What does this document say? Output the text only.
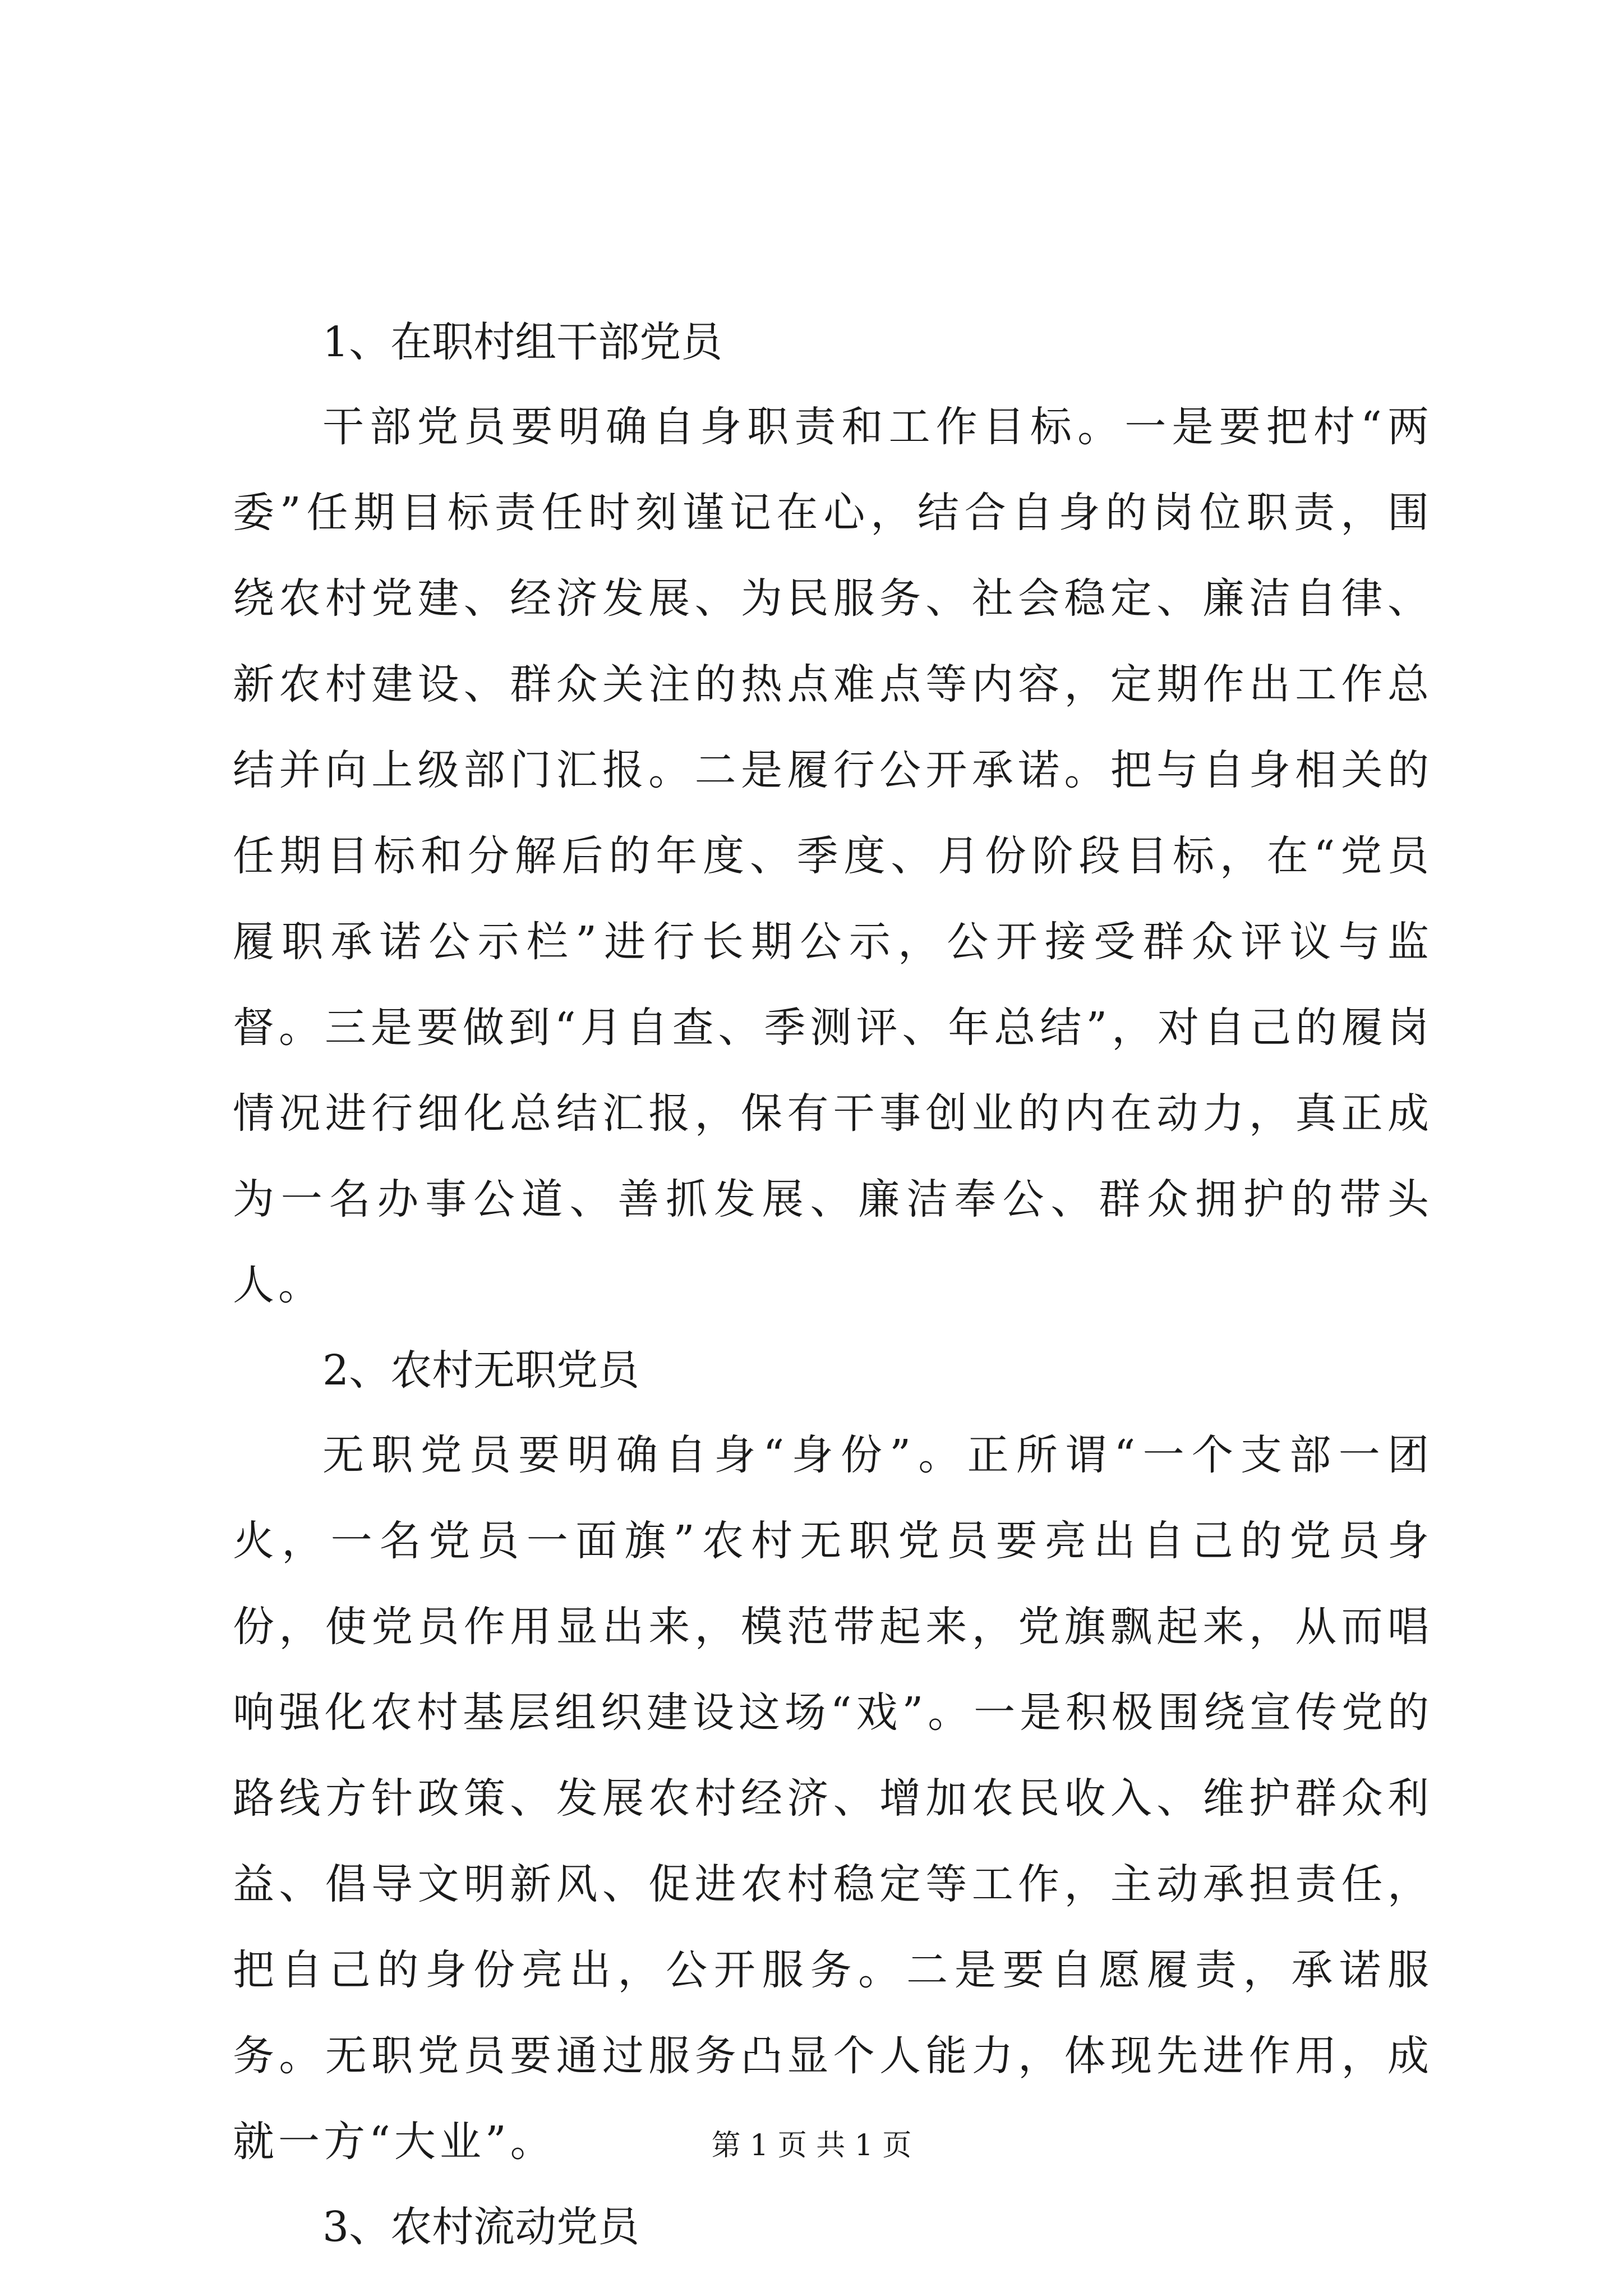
1、在职村组干部党员

干部党员要明确自身职责和工作目标。一是要把村“两委”任期目标责任时刻谨记在心，结合自身的岗位职责，围绕农村党建、经济发展、为民服务、社会稳定、廉洁自律、新农村建设、群众关注的热点难点等内容，定期作出工作总结并向上级部门汇报。二是履行公开承诺。把与自身相关的任期目标和分解后的年度、季度、月份阶段目标，在“党员履职承诺公示栏”进行长期公示，公开接受群众评议与监督。三是要做到“月自查、季测评、年总结”，对自己的履岗情况进行细化总结汇报，保有干事创业的内在动力，真正成为一名办事公道、善抓发展、廉洁奉公、群众拥护的带头人。

2、农村无职党员

无职党员要明确自身“身份”。正所谓“一个支部一团火，一名党员一面旗”农村无职党员要亮出自己的党员身份，使党员作用显出来，模范带起来，党旗飘起来，从而唱响强化农村基层组织建设这场“戏”。一是积极围绕宣传党的路线方针政策、发展农村经济、增加农民收入、维护群众利益、倡导文明新风、促进农村稳定等工作，主动承担责任，把自己的身份亮出，公开服务。二是要自愿履责，承诺服务。无职党员要通过服务凸显个人能力，体现先进作用，成就一方“大业”。

3、农村流动党员
第 1 页 共 1 页
